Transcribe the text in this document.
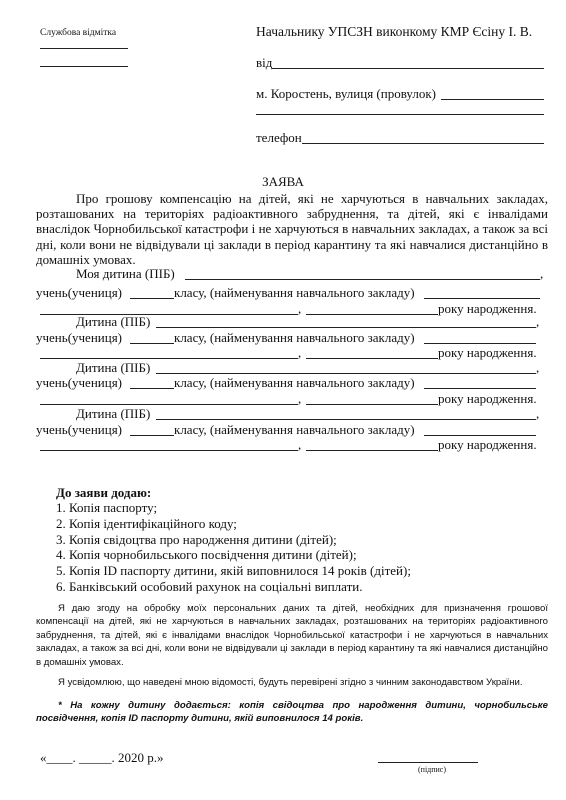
Службова відмітка	Начальнику УПСЗН виконкому КМР Єсіну І. В.
від
м. Коростень, вулиця (провулок)
телефон
ЗАЯВА
Про грошову компенсацію на дітей, які не харчуються в навчальних закладах, розташованих на територіях радіоактивного забруднення, та дітей, які є інвалідами внаслідок Чорнобильської катастрофи і не харчуються в навчальних закладах, а також за всі дні, коли вони не відвідували ці заклади в період карантину та які навчалися дистанційно в домашніх умовах.
Моя дитина (ПІБ)	,
учень(учениця)	класу, (найменування навчального закладу)
,	року народження.
Дитина (ПІБ)	,
учень(учениця)	класу, (найменування навчального закладу)
,	року народження.
Дитина (ПІБ)	,
учень(учениця)	класу, (найменування навчального закладу)
,	року народження.
Дитина (ПІБ)	,
учень(учениця)	класу, (найменування навчального закладу)
,	року народження.
До заяви додаю:
1. Копія паспорту;
2. Копія ідентифікаційного коду;
3. Копія свідоцтва про народження дитини (дітей);
4. Копія чорнобильського посвідчення дитини (дітей);
5. Копія ID паспорту дитини, якій виповнилося 14 років (дітей);
6. Банківський особовий рахунок на соціальні виплати.
Я даю згоду на обробку моїх персональних даних та дітей, необхідних для призначення грошової компенсації на дітей, які не харчуються в навчальних закладах, розташованих на територіях радіоактивного забруднення, та дітей, які є інвалідами внаслідок Чорнобильської катастрофи і не харчуються в навчальних закладах, а також за всі дні, коли вони не відвідували ці заклади в період карантину та які навчалися дистанційно в домашніх умовах.
Я усвідомлюю, що наведені мною відомості, будуть перевірені згідно з чинним законодавством України.
* На кожну дитину додається: копія свідоцтва про народження дитини, чорнобильське посвідчення, копія ID паспорту дитини, якій виповнилося 14 років.
«____. _____. 2020 р.»
(підпис)
